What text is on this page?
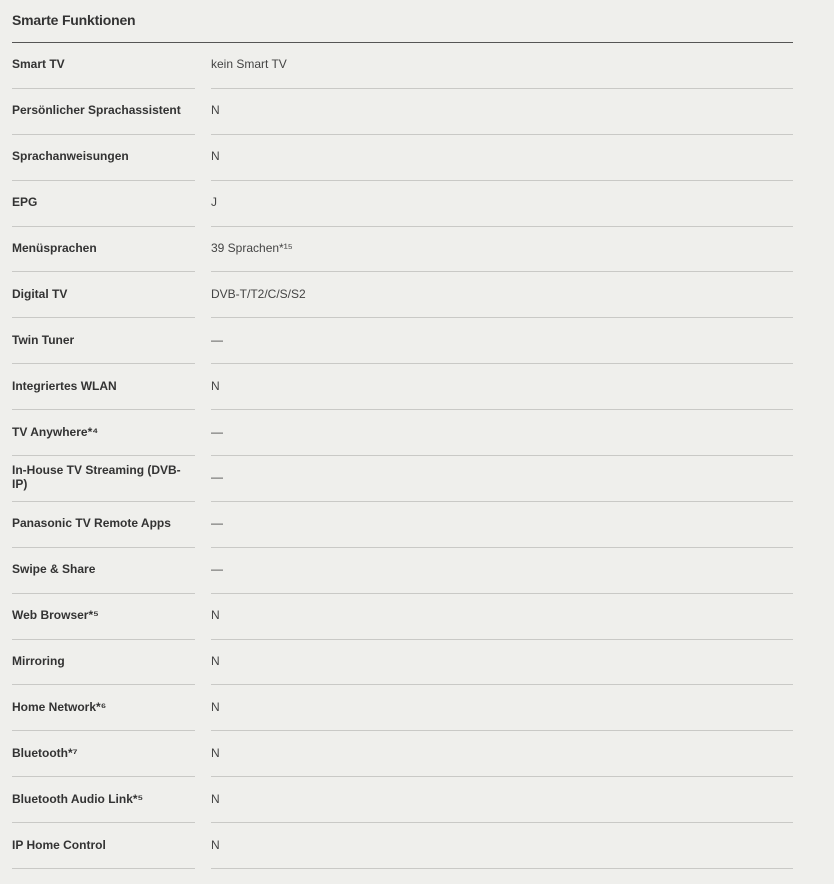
Smarte Funktionen
Smart TV	kein Smart TV
Persönlicher Sprachassistent	N
Sprachanweisungen	N
EPG	J
Menüsprachen	39 Sprachen*¹⁵
Digital TV	DVB-T/T2/C/S/S2
Twin Tuner	—
Integriertes WLAN	N
TV Anywhere*⁴	—
In-House TV Streaming (DVB-IP)	—
Panasonic TV Remote Apps	—
Swipe & Share	—
Web Browser*⁵	N
Mirroring	N
Home Network*⁶	N
Bluetooth*⁷	N
Bluetooth Audio Link*⁵	N
IP Home Control	N
